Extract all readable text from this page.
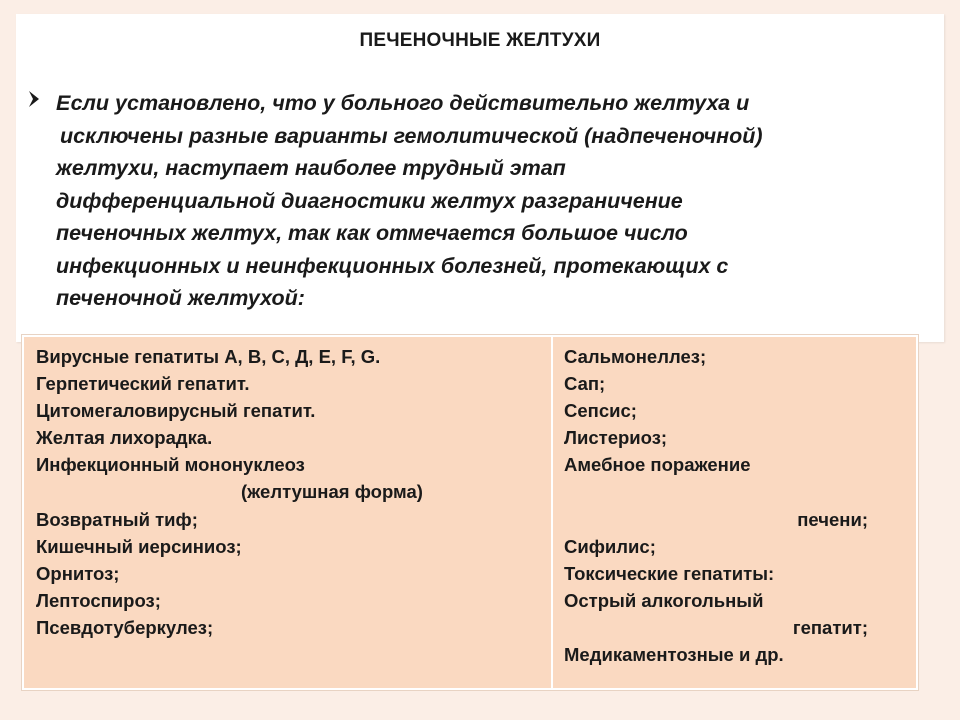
ПЕЧЕНОЧНЫЕ ЖЕЛТУХИ
Если установлено, что у больного действительно желтуха и
исключены разные варианты гемолитической (надпеченочной)
желтухи, наступает наиболее трудный этап
дифференциальной диагностики желтух разграничение
печеночных желтух, так как отмечается большое число
инфекционных и неинфекционных болезней, протекающих с
печеночной желтухой:
Вирусные гепатиты А, В, С, Д, Е, F, G.
Герпетический гепатит.
Цитомегаловирусный гепатит.
Желтая лихорадка.
Инфекционный мононуклеоз
(желтушная форма)
Возвратный тиф;
Кишечный иерсиниоз;
Орнитоз;
Лептоспироз;
Псевдотуберкулез;
Сальмонеллез;
Сап;
Сепсис;
Листериоз;
Амебное поражение
печени;
Сифилис;
Токсические гепатиты:
Острый алкогольный
гепатит;
Медикаментозные и др.
